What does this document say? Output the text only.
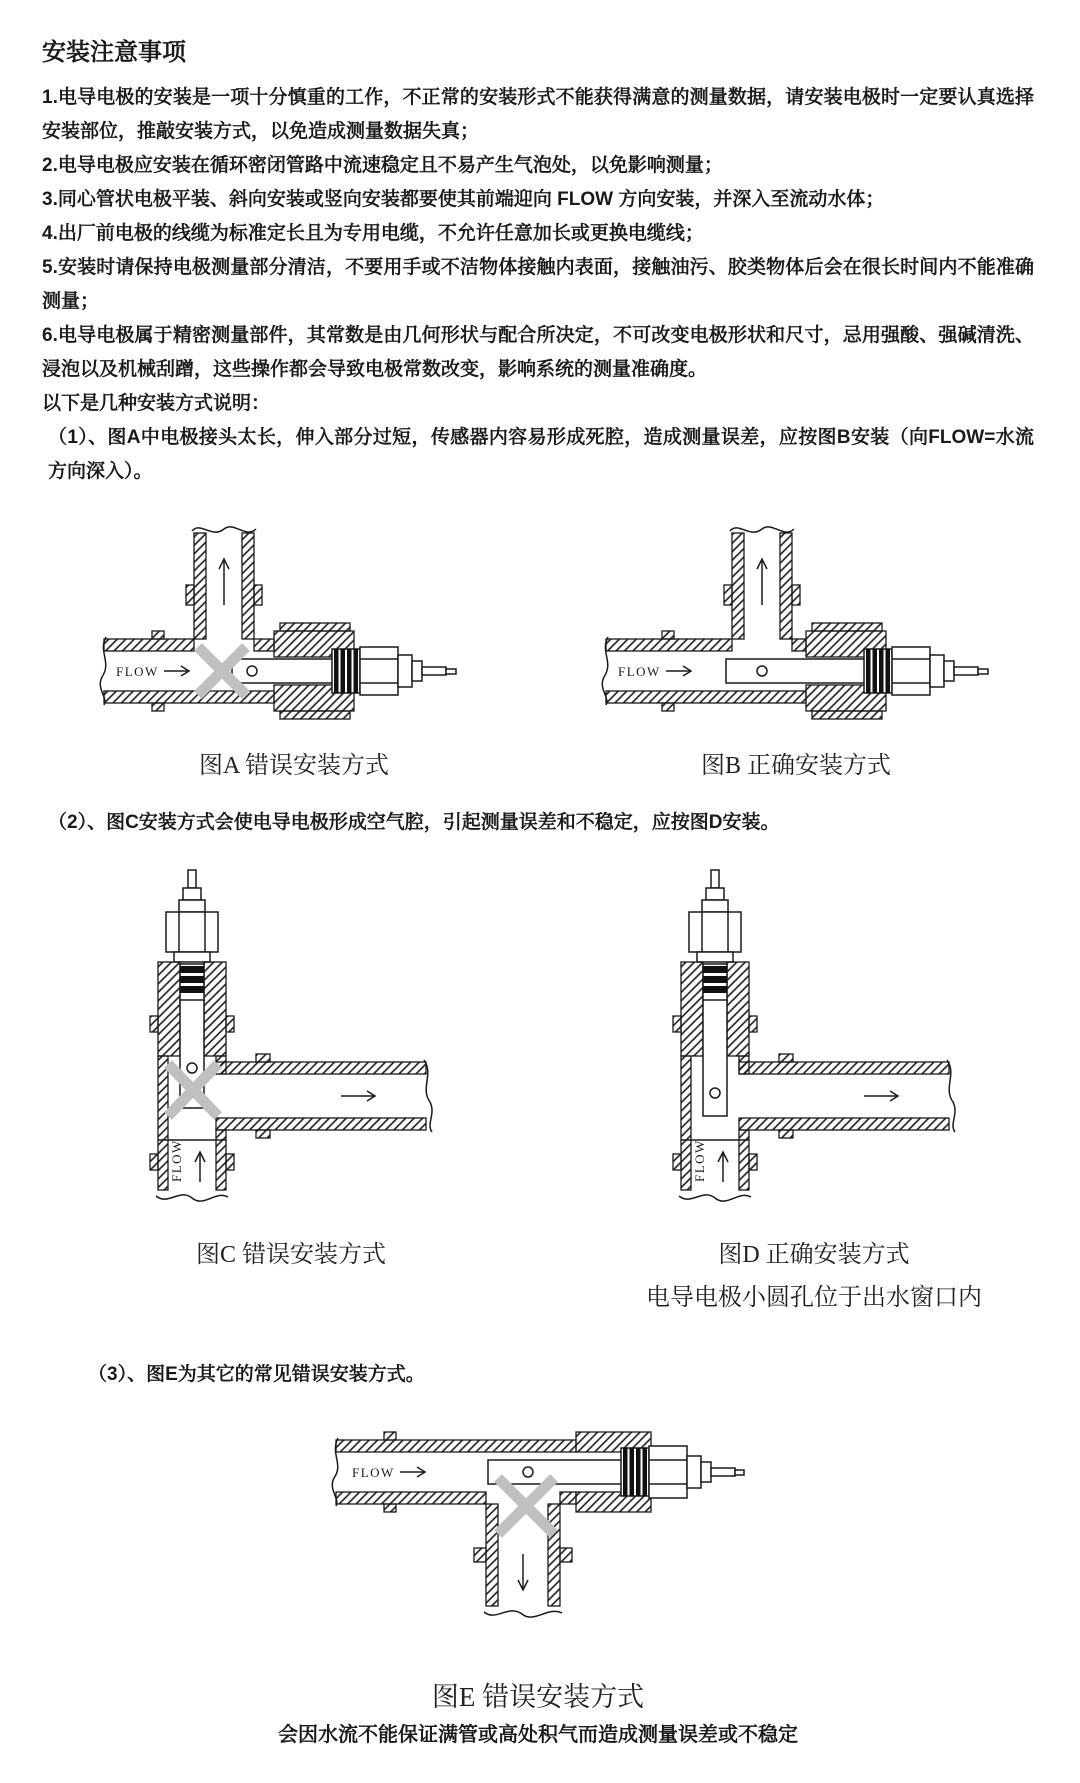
安装注意事项

1.电导电极的安装是一项十分慎重的工作，不正常的安装形式不能获得满意的测量数据，请安装电极时一定要认真选择安装部位，推敲安装方式，以免造成测量数据失真；

2.电导电极应安装在循环密闭管路中流速稳定且不易产生气泡处，以免影响测量；

3.同心管状电极平装、斜向安装或竖向安装都要使其前端迎向 FLOW 方向安装，并深入至流动水体；

4.出厂前电极的线缆为标准定长且为专用电缆，不允许任意加长或更换电缆线；

5.安装时请保持电极测量部分清洁，不要用手或不洁物体接触内表面，接触油污、胶类物体后会在很长时间内不能准确测量；

6.电导电极属于精密测量部件，其常数是由几何形状与配合所决定，不可改变电极形状和尺寸，忌用强酸、强碱清洗、浸泡以及机械刮蹭，这些操作都会导致电极常数改变，影响系统的测量准确度。

以下是几种安装方式说明：

（1）、图A中电极接头太长，伸入部分过短，传感器内容易形成死腔，造成测量误差，应按图B安装（向FLOW=水流方向深入）。

FLOW
图A 错误安装方式
FLOW
图B 正确安装方式

（2）、图C安装方式会使电导电极形成空气腔，引起测量误差和不稳定，应按图D安装。

FLOW
图C 错误安装方式
FLOW
图D 正确安装方式
电导电极小圆孔位于出水窗口内

（3）、图E为其它的常见错误安装方式。

FLOW
图E 错误安装方式
会因水流不能保证满管或高处积气而造成测量误差或不稳定
